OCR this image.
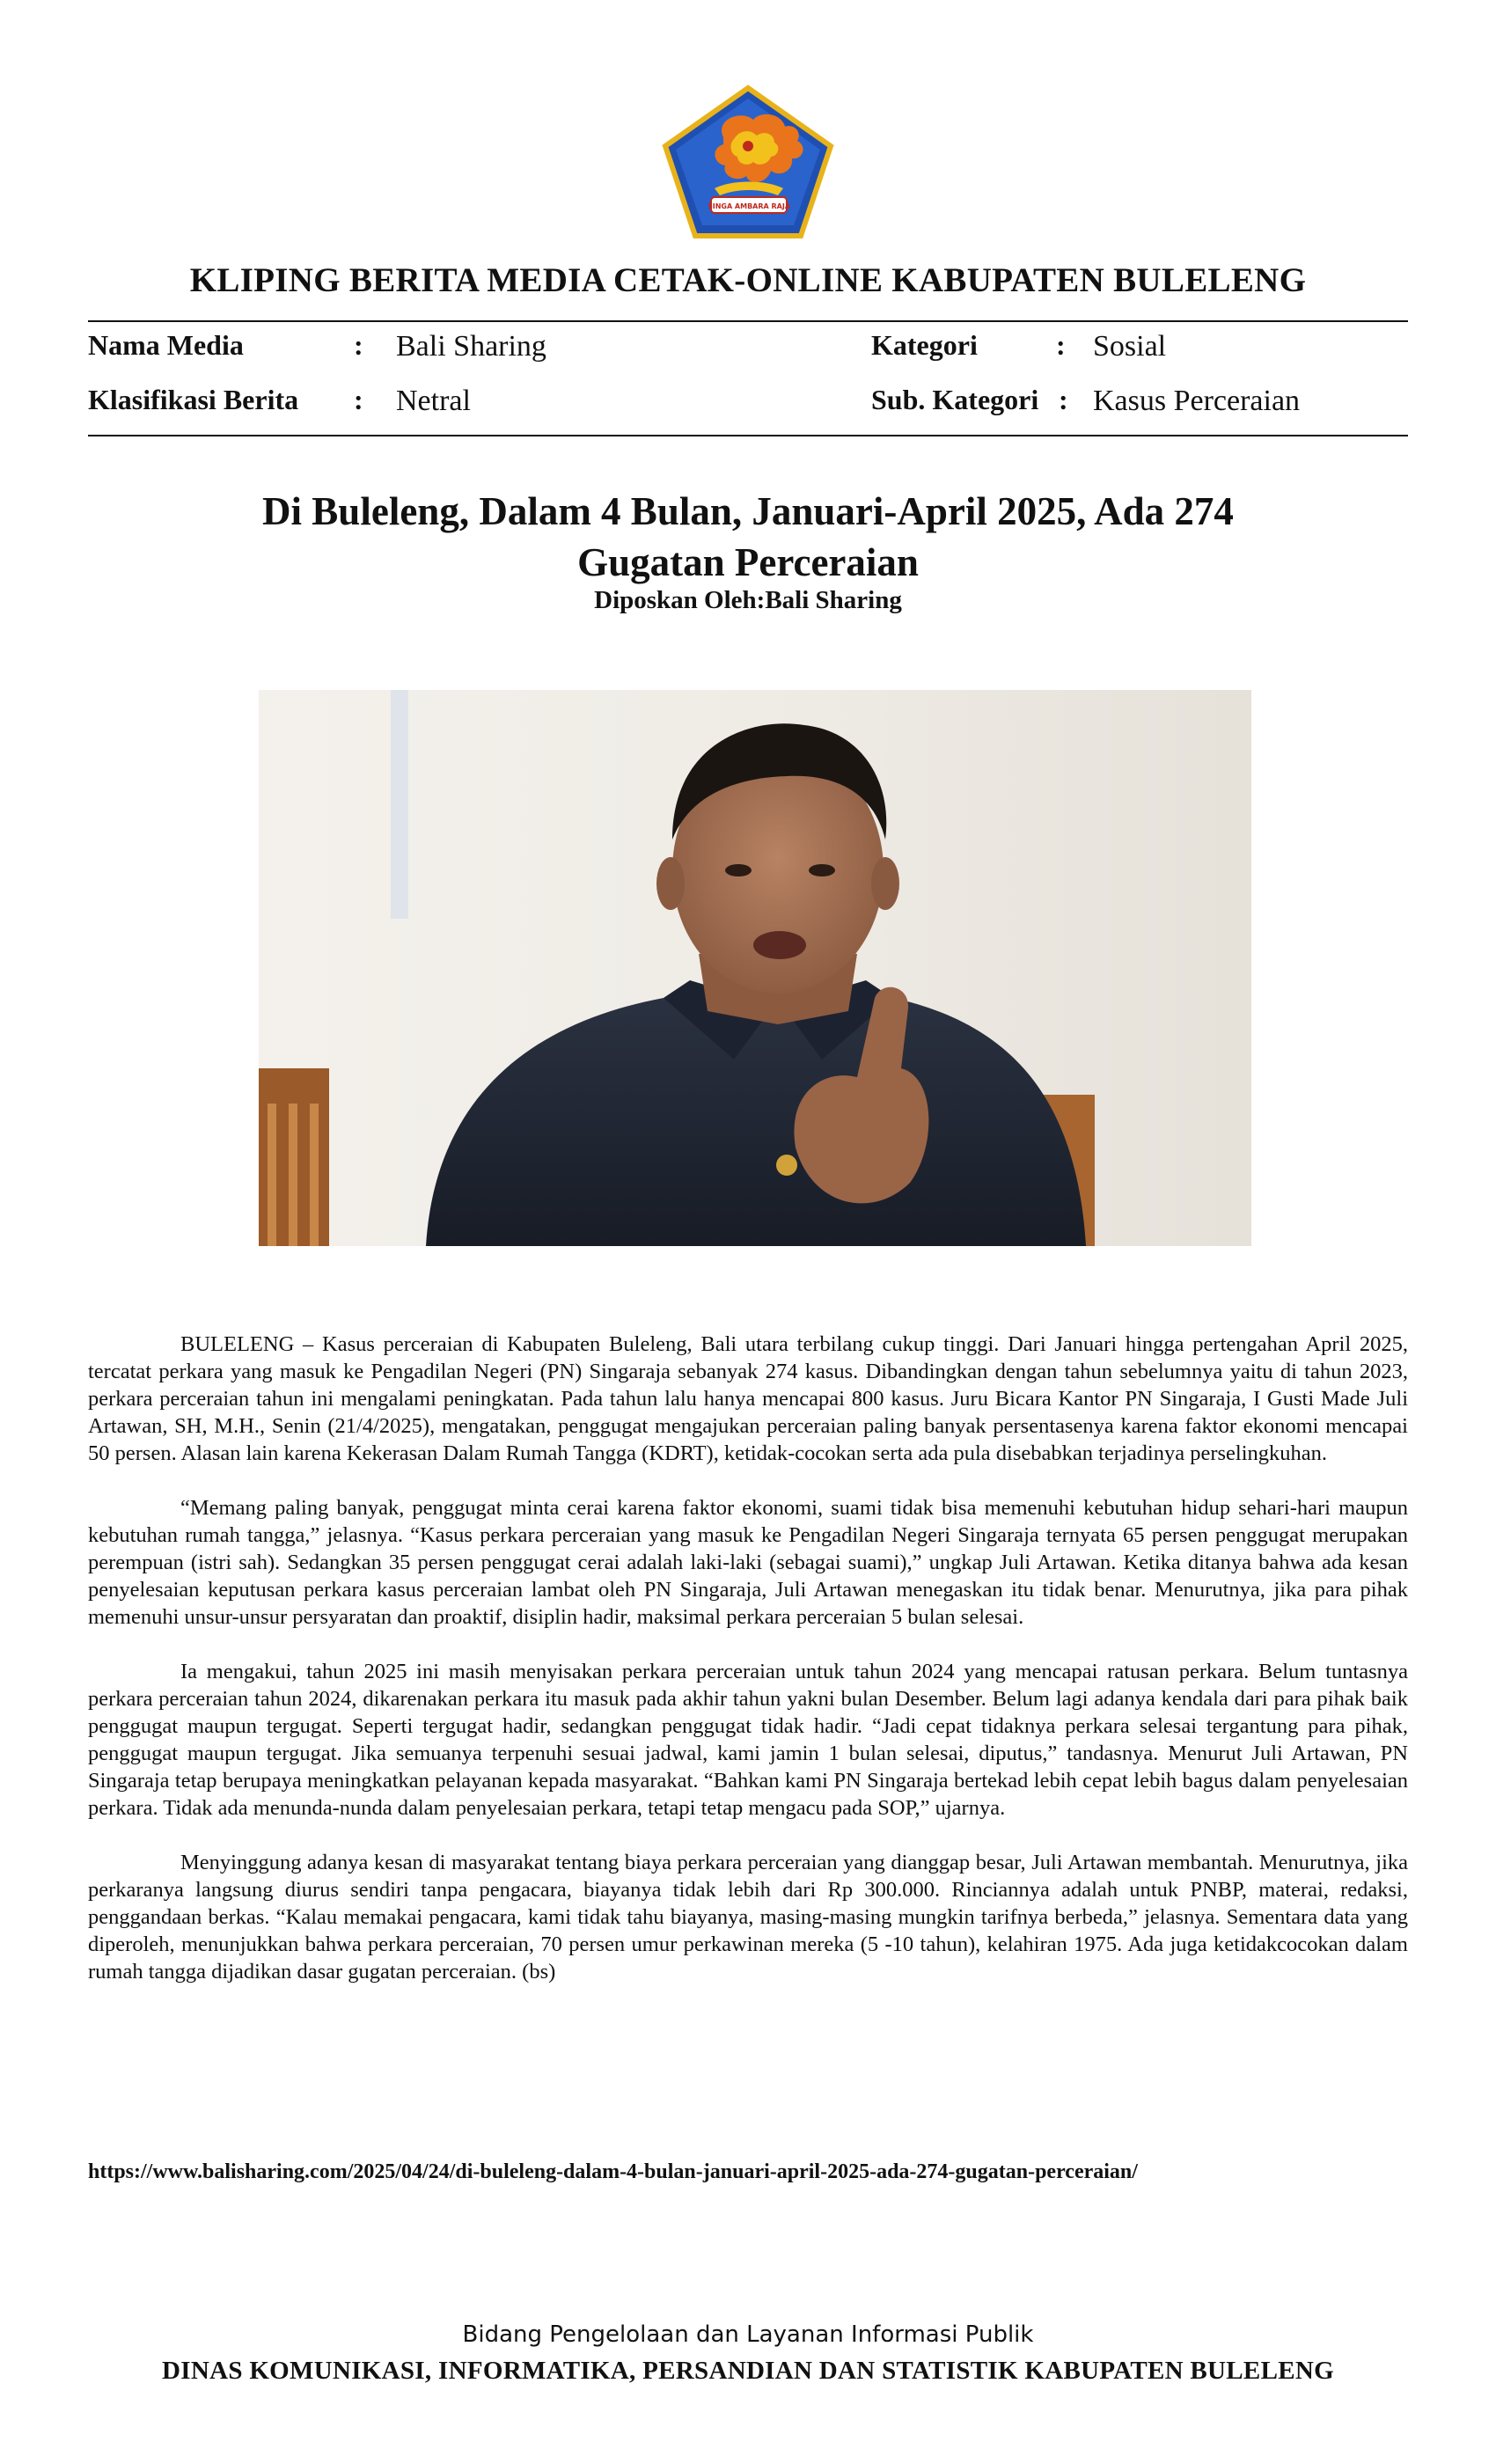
SINGA AMBARA RAJA
KLIPING BERITA MEDIA CETAK-ONLINE KABUPATEN BULELENG
Nama Media	: Bali Sharing
Klasifikasi Berita : Netral
Kategori	: Sosial
Sub. Kategori : Kasus Perceraian
Di Buleleng, Dalam 4 Bulan, Januari-April 2025, Ada 274
Gugatan Perceraian
Diposkan Oleh:Bali Sharing

BULELENG – Kasus perceraian di Kabupaten Buleleng, Bali utara terbilang cukup tinggi. Dari Januari hingga pertengahan April 2025, tercatat perkara yang masuk ke Pengadilan Negeri (PN) Singaraja sebanyak 274 kasus. Dibandingkan dengan tahun sebelumnya yaitu di tahun 2023, perkara perceraian tahun ini mengalami peningkatan. Pada tahun lalu hanya mencapai 800 kasus. Juru Bicara Kantor PN Singaraja, I Gusti Made Juli Artawan, SH, M.H., Senin (21/4/2025), mengatakan, penggugat mengajukan perceraian paling banyak persentasenya karena faktor ekonomi mencapai 50 persen. Alasan lain karena Kekerasan Dalam Rumah Tangga (KDRT), ketidak-cocokan serta ada pula disebabkan terjadinya perselingkuhan.

“Memang paling banyak, penggugat minta cerai karena faktor ekonomi, suami tidak bisa memenuhi kebutuhan hidup sehari-hari maupun kebutuhan rumah tangga,” jelasnya. “Kasus perkara perceraian yang masuk ke Pengadilan Negeri Singaraja ternyata 65 persen penggugat merupakan perempuan (istri sah). Sedangkan 35 persen penggugat cerai adalah laki-laki (sebagai suami),” ungkap Juli Artawan. Ketika ditanya bahwa ada kesan penyelesaian keputusan perkara kasus perceraian lambat oleh PN Singaraja, Juli Artawan menegaskan itu tidak benar. Menurutnya, jika para pihak memenuhi unsur-unsur persyaratan dan proaktif, disiplin hadir, maksimal perkara perceraian 5 bulan selesai.

Ia mengakui, tahun 2025 ini masih menyisakan perkara perceraian untuk tahun 2024 yang mencapai ratusan perkara. Belum tuntasnya perkara perceraian tahun 2024, dikarenakan perkara itu masuk pada akhir tahun yakni bulan Desember. Belum lagi adanya kendala dari para pihak baik penggugat maupun tergugat. Seperti tergugat hadir, sedangkan penggugat tidak hadir. “Jadi cepat tidaknya perkara selesai tergantung para pihak, penggugat maupun tergugat. Jika semuanya terpenuhi sesuai jadwal, kami jamin 1 bulan selesai, diputus,” tandasnya. Menurut Juli Artawan, PN Singaraja tetap berupaya meningkatkan pelayanan kepada masyarakat. “Bahkan kami PN Singaraja bertekad lebih cepat lebih bagus dalam penyelesaian perkara. Tidak ada menunda-nunda dalam penyelesaian perkara, tetapi tetap mengacu pada SOP,” ujarnya.

Menyinggung adanya kesan di masyarakat tentang biaya perkara perceraian yang dianggap besar, Juli Artawan membantah. Menurutnya, jika perkaranya langsung diurus sendiri tanpa pengacara, biayanya tidak lebih dari Rp 300.000. Rinciannya adalah untuk PNBP, materai, redaksi, penggandaan berkas. “Kalau memakai pengacara, kami tidak tahu biayanya, masing-masing mungkin tarifnya berbeda,” jelasnya. Sementara data yang diperoleh, menunjukkan bahwa perkara perceraian, 70 persen umur perkawinan mereka (5 -10 tahun), kelahiran 1975. Ada juga ketidakcocokan dalam rumah tangga dijadikan dasar gugatan perceraian. (bs)

https://www.balisharing.com/2025/04/24/di-buleleng-dalam-4-bulan-januari-april-2025-ada-274-gugatan-perceraian/
Bidang Pengelolaan dan Layanan Informasi Publik
DINAS KOMUNIKASI, INFORMATIKA, PERSANDIAN DAN STATISTIK KABUPATEN BULELENG
